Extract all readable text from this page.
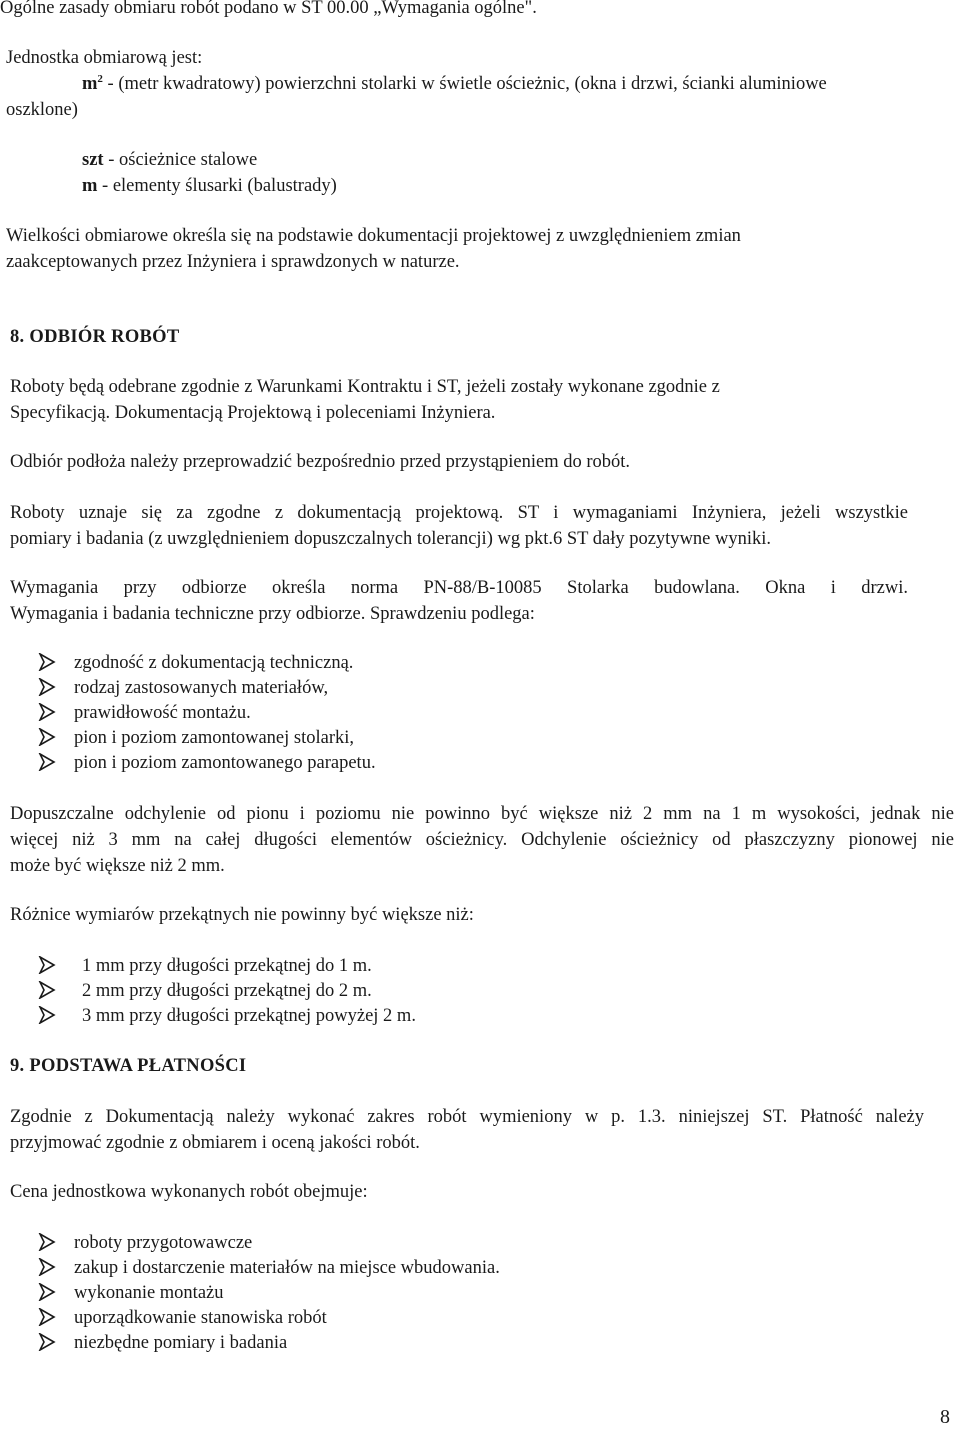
Ogólne zasady obmiaru robót podano w ST 00.00 „Wymagania ogólne".
Jednostka obmiarową jest:
$m^2$ - (metr kwadratowy) powierzchni stolarki w świetle ościeżnic, (okna i drzwi, ścianki aluminiowe
oszklone)
szt - ościeżnice stalowe
m - elementy ślusarki (balustrady)
Wielkości obmiarowe określa się na podstawie dokumentacji projektowej z uwzględnieniem zmian
zaakceptowanych przez Inżyniera i sprawdzonych w naturze.
8. ODBIÓR ROBÓT
Roboty będą odebrane zgodnie z Warunkami Kontraktu i ST, jeżeli zostały wykonane zgodnie z
Specyfikacją. Dokumentacją Projektową i poleceniami Inżyniera.
Odbiór podłoża należy przeprowadzić bezpośrednio przed przystąpieniem do robót.
Roboty uznaje się za zgodne z dokumentacją projektową. ST i wymaganiami Inżyniera, jeżeli wszystkie
pomiary i badania (z uwzględnieniem dopuszczalnych tolerancji) wg pkt.6 ST dały pozytywne wyniki.
Wymagania przy odbiorze określa norma PN-88/B-10085 Stolarka budowlana. Okna i drzwi.
Wymagania i badania techniczne przy odbiorze. Sprawdzeniu podlega:
zgodność z dokumentacją techniczną.
rodzaj zastosowanych materiałów,
prawidłowość montażu.
pion i poziom zamontowanej stolarki,
pion i poziom zamontowanego parapetu.
Dopuszczalne odchylenie od pionu i poziomu nie powinno być większe niż 2 mm na 1 m wysokości, jednak nie
więcej niż 3 mm na całej długości elementów ościeżnicy. Odchylenie ościeżnicy od płaszczyzny pionowej nie
może być większe niż 2 mm.
Różnice wymiarów przekątnych nie powinny być większe niż:
1 mm przy długości przekątnej do 1 m.
2 mm przy długości przekątnej do 2 m.
3 mm przy długości przekątnej powyżej 2 m.
9. PODSTAWA PŁATNOŚCI
Zgodnie z Dokumentacją należy wykonać zakres robót wymieniony w p. 1.3. niniejszej ST. Płatność należy
przyjmować zgodnie z obmiarem i oceną jakości robót.
Cena jednostkowa wykonanych robót obejmuje:
roboty przygotowawcze
zakup i dostarczenie materiałów na miejsce wbudowania.
wykonanie montażu
uporządkowanie stanowiska robót
niezbędne pomiary i badania
8
